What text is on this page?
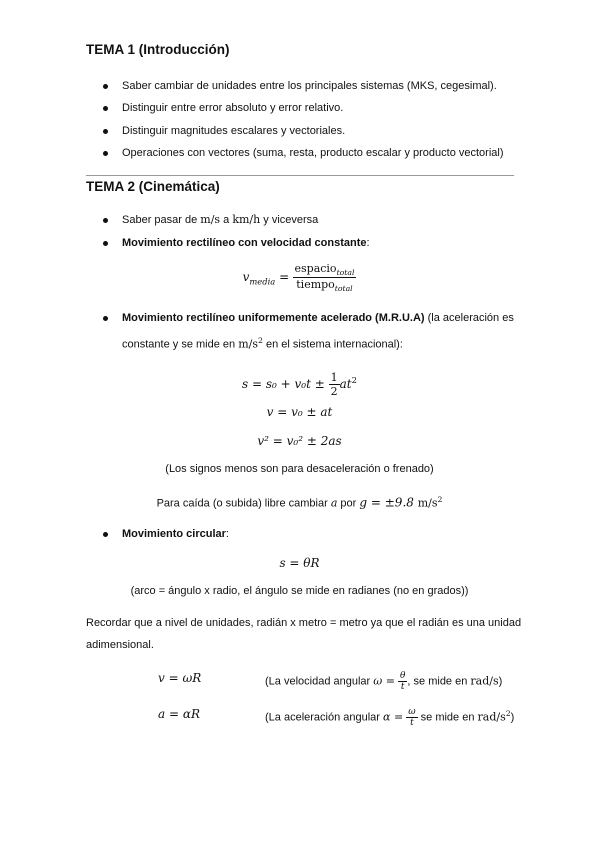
TEMA 1 (Introducción)
Saber cambiar de unidades entre los principales sistemas (MKS, cegesimal).
Distinguir entre error absoluto y error relativo.
Distinguir magnitudes escalares y vectoriales.
Operaciones con vectores (suma, resta, producto escalar y producto vectorial)
TEMA 2 (Cinemática)
Saber pasar de m/s a km/h y viceversa
Movimiento rectilíneo con velocidad constante:
$v_{media} = \frac{espacio_{total}}{tiempo_{total}}$
Movimiento rectilíneo uniformemente acelerado (M.R.U.A) (la aceleración es
constante y se mide en $m/s^2$ en el sistema internacional):
$s = s_0 + v_0t \pm \frac{1}{2} at^2$
v = v₀ ± at
v² = v₀² ± 2as
(Los signos menos son para desaceleración o frenado)
Para caída (o subida) libre cambiar a por g = ±9.8 $m/s^2$
Movimiento circular:
s = θR
(arco = ángulo x radio, el ángulo se mide en radianes (no en grados))
Recordar que a nivel de unidades, radián x metro = metro ya que el radián es una unidad
adimensional.
v = ωR	(La velocidad angular $\omega = \frac{\theta}{t}$ , se mide en rad/s)
a = αR	(La aceleración angular $\alpha = \frac{\omega}{t}$ se mide en rad/$s^2$)
